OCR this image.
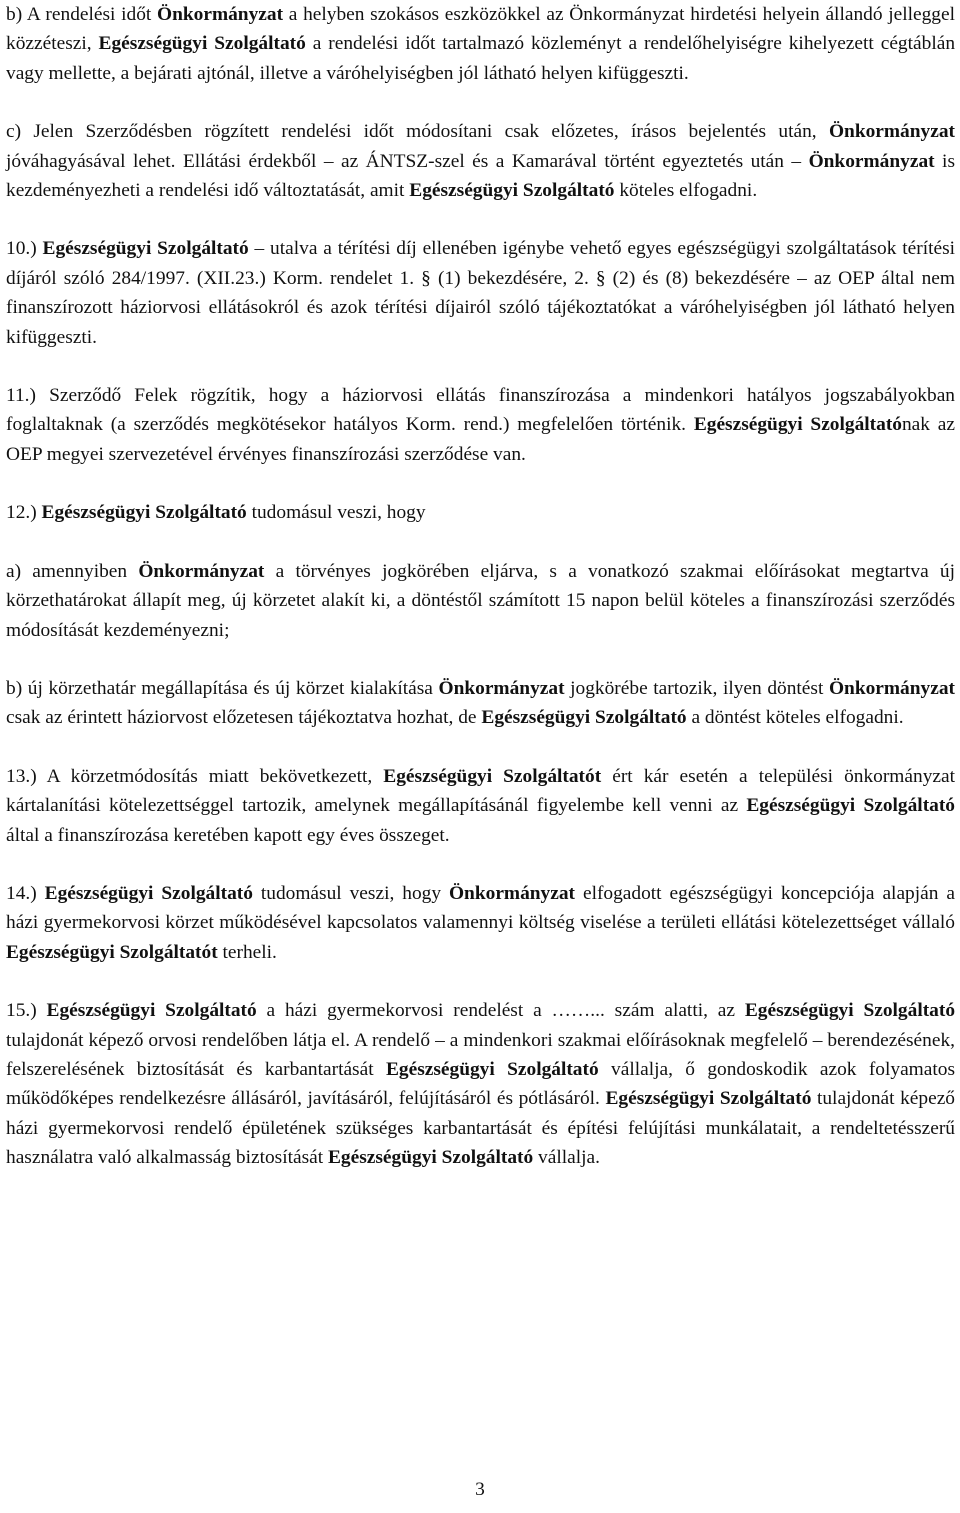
b) A rendelési időt Önkormányzat a helyben szokásos eszközökkel az Önkormányzat hirdetési helyein állandó jelleggel közzéteszi, Egészségügyi Szolgáltató a rendelési időt tartalmazó közleményt a rendelőhelyiségre kihelyezett cégtáblán vagy mellette, a bejárati ajtónál, illetve a váróhelyiségben jól látható helyen kifüggeszti.

c) Jelen Szerződésben rögzített rendelési időt módosítani csak előzetes, írásos bejelentés után, Önkormányzat jóváhagyásával lehet. Ellátási érdekből – az ÁNTSZ-szel és a Kamarával történt egyeztetés után – Önkormányzat is kezdeményezheti a rendelési idő változtatását, amit Egészségügyi Szolgáltató köteles elfogadni.

10.) Egészségügyi Szolgáltató – utalva a térítési díj ellenében igénybe vehető egyes egészségügyi szolgáltatások térítési díjáról szóló 284/1997. (XII.23.) Korm. rendelet 1. § (1) bekezdésére, 2. § (2) és (8) bekezdésére – az OEP által nem finanszírozott háziorvosi ellátásokról és azok térítési díjairól szóló tájékoztatókat a váróhelyiségben jól látható helyen kifüggeszti.

11.) Szerződő Felek rögzítik, hogy a háziorvosi ellátás finanszírozása a mindenkori hatályos jogszabályokban foglaltaknak (a szerződés megkötésekor hatályos Korm. rend.) megfelelően történik. Egészségügyi Szolgáltatónak az OEP megyei szervezetével érvényes finanszírozási szerződése van.

12.) Egészségügyi Szolgáltató tudomásul veszi, hogy

a) amennyiben Önkormányzat a törvényes jogkörében eljárva, s a vonatkozó szakmai előírásokat megtartva új körzethatárokat állapít meg, új körzetet alakít ki, a döntéstől számított 15 napon belül köteles a finanszírozási szerződés módosítását kezdeményezni;

b) új körzethatár megállapítása és új körzet kialakítása Önkormányzat jogkörébe tartozik, ilyen döntést Önkormányzat csak az érintett háziorvost előzetesen tájékoztatva hozhat, de Egészségügyi Szolgáltató a döntést köteles elfogadni.

13.) A körzetmódosítás miatt bekövetkezett, Egészségügyi Szolgáltatót ért kár esetén a települési önkormányzat kártalanítási kötelezettséggel tartozik, amelynek megállapításánál figyelembe kell venni az Egészségügyi Szolgáltató által a finanszírozása keretében kapott egy éves összeget.

14.) Egészségügyi Szolgáltató tudomásul veszi, hogy Önkormányzat elfogadott egészségügyi koncepciója alapján a házi gyermekorvosi körzet működésével kapcsolatos valamennyi költség viselése a területi ellátási kötelezettséget vállaló Egészségügyi Szolgáltatót terheli.

15.) Egészségügyi Szolgáltató a házi gyermekorvosi rendelést a ……... szám alatti, az Egészségügyi Szolgáltató tulajdonát képező orvosi rendelőben látja el. A rendelő – a mindenkori szakmai előírásoknak megfelelő – berendezésének, felszerelésének biztosítását és karbantartását Egészségügyi Szolgáltató vállalja, ő gondoskodik azok folyamatos működőképes rendelkezésre állásáról, javításáról, felújításáról és pótlásáról. Egészségügyi Szolgáltató tulajdonát képező házi gyermekorvosi rendelő épületének szükséges karbantartását és építési felújítási munkálatait, a rendeltetésszerű használatra való alkalmasság biztosítását Egészségügyi Szolgáltató vállalja.

3
